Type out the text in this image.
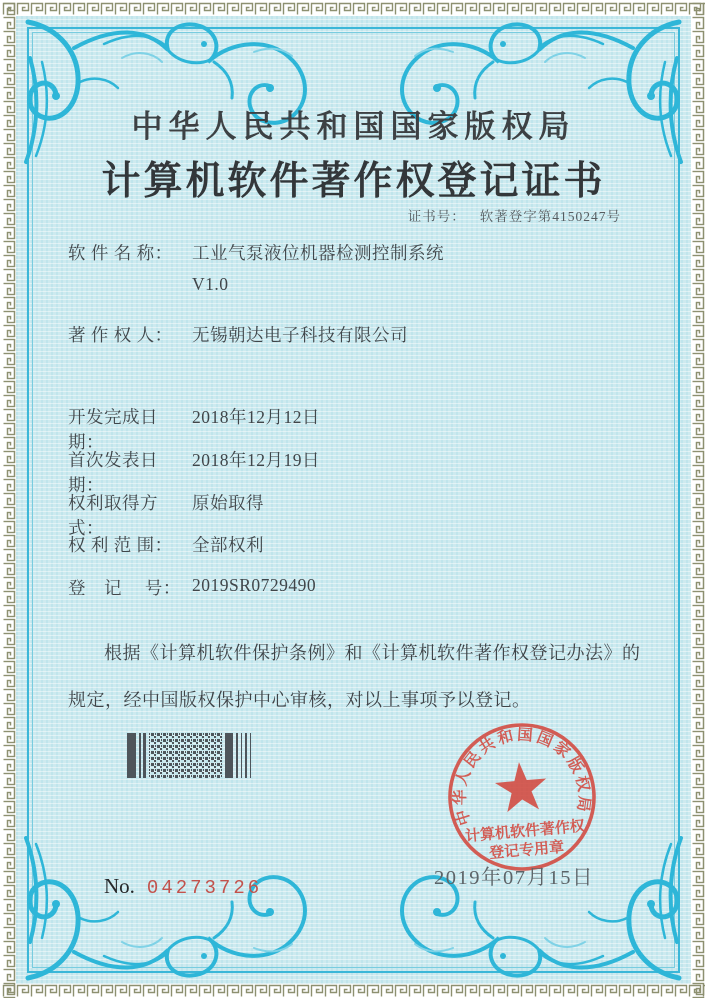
中华人民共和国国家版权局
计算机软件著作权登记证书
证书号： 软著登字第4150247号
软 件 名 称：	工业气泵液位机器检测控制系统
V1.0
著 作 权 人：	无锡朝达电子科技有限公司
开发完成日期：
2018年12月12日
首次发表日期：
2018年12月19日
权利取得方式：
原始取得
权 利 范 围：	全部权利
登　记　 号： 2019SR0729490
根据《计算机软件保护条例》和《计算机软件著作权登记办法》的
规定，经中国版权保护中心审核，对以上事项予以登记。
中华人民共和国国家版权局
计算机软件著作权
登记专用章
2019年07月15日
No. 04273726
